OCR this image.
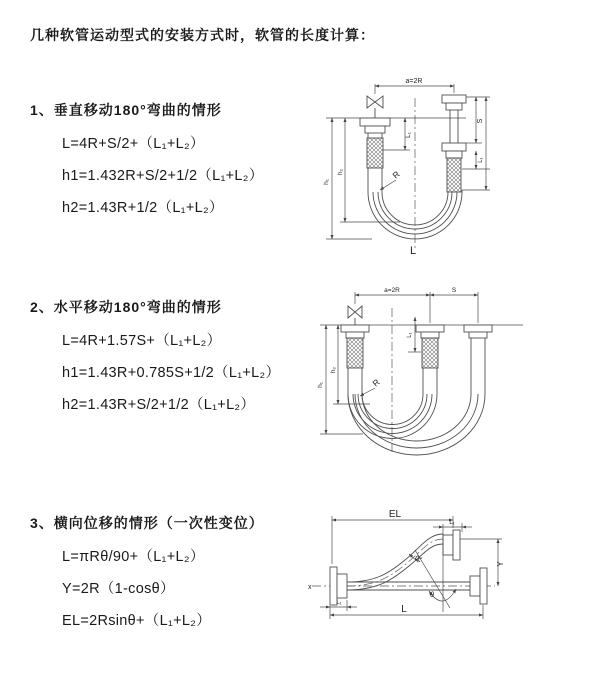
几种软管运动型式的安装方式时，软管的长度计算：
1、垂直移动180°弯曲的情形
L=4R+S/2+（L₁+L₂）
h1=1.432R+S/2+1/2（L₁+L₂）
h2=1.43R+1/2（L₁+L₂）
2、水平移动180°弯曲的情形
L=4R+1.57S+（L₁+L₂）
h1=1.43R+0.785S+1/2（L₁+L₂）
h2=1.43R+S/2+1/2（L₁+L₂）
3、横向位移的情形（一次性变位）
L=πRθ/90+（L₁+L₂）
Y=2R（1-cosθ）
EL=2Rsinθ+（L₁+L₂）
a=2R
L₁
S
L₁
h₁
h₂	R
L
a=2R	S
L₁
h₁
h₂
R
x
EL
L₁
Y
θ
R
L₁
L
